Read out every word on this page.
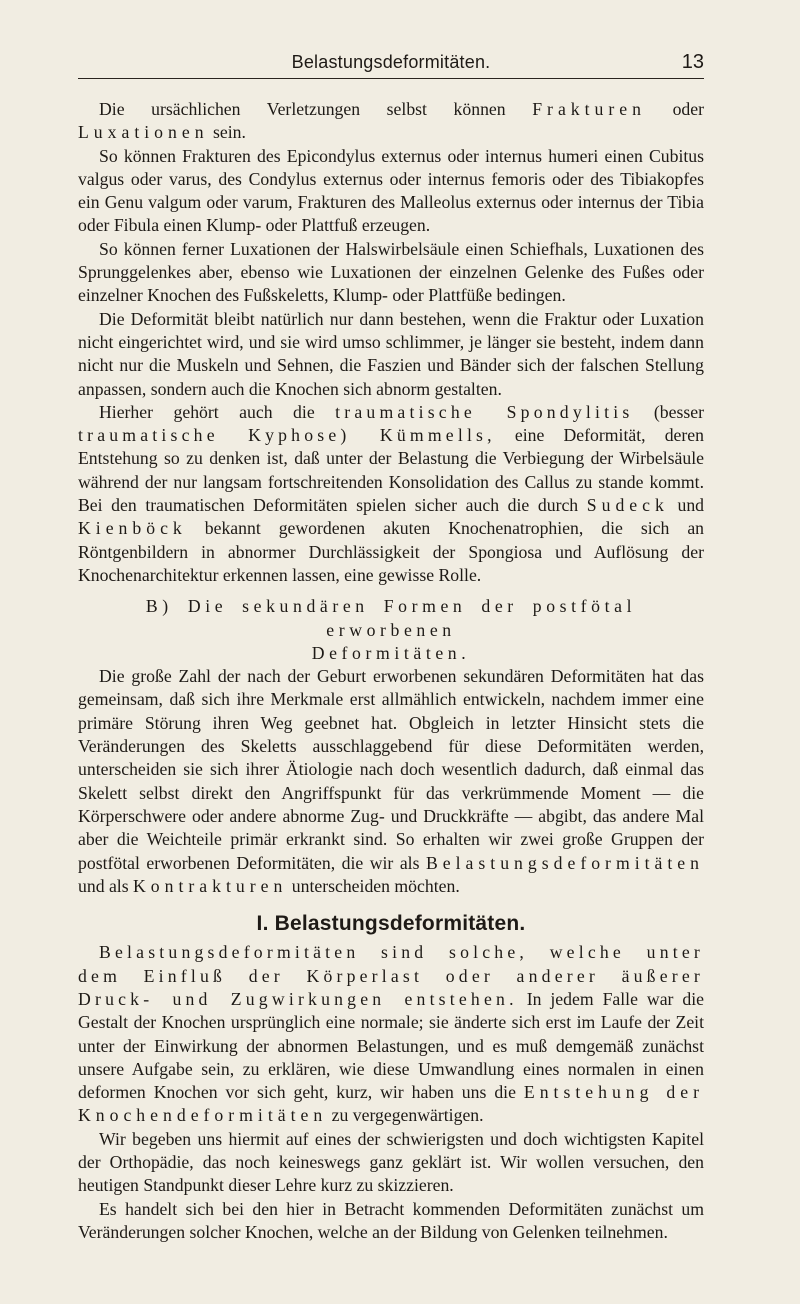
Belastungsdeformitäten.	13

Die ursächlichen Verletzungen selbst können Frakturen oder Luxationen sein.

So können Frakturen des Epicondylus externus oder internus humeri einen Cubitus valgus oder varus, des Condylus externus oder internus femoris oder des Tibiakopfes ein Genu valgum oder varum, Frakturen des Malleolus externus oder internus der Tibia oder Fibula einen Klump- oder Plattfuß erzeugen.

So können ferner Luxationen der Halswirbelsäule einen Schiefhals, Luxationen des Sprunggelenkes aber, ebenso wie Luxationen der einzelnen Gelenke des Fußes oder einzelner Knochen des Fußskeletts, Klump- oder Plattfüße bedingen.

Die Deformität bleibt natürlich nur dann bestehen, wenn die Fraktur oder Luxation nicht eingerichtet wird, und sie wird umso schlimmer, je länger sie besteht, indem dann nicht nur die Muskeln und Sehnen, die Faszien und Bänder sich der falschen Stellung anpassen, sondern auch die Knochen sich abnorm gestalten.

Hierher gehört auch die traumatische Spondylitis (besser traumatische Kyphose) Kümmells, eine Deformität, deren Entstehung so zu denken ist, daß unter der Belastung die Verbiegung der Wirbelsäule während der nur langsam fortschreitenden Konsolidation des Callus zu stande kommt. Bei den traumatischen Deformitäten spielen sicher auch die durch Sudeck und Kienböck bekannt gewordenen akuten Knochenatrophien, die sich an Röntgenbildern in abnormer Durchlässigkeit der Spongiosa und Auflösung der Knochenarchitektur erkennen lassen, eine gewisse Rolle.

B) Die sekundären Formen der postfötal erworbenen

Deformitäten.

Die große Zahl der nach der Geburt erworbenen sekundären Deformitäten hat das gemeinsam, daß sich ihre Merkmale erst allmählich entwickeln, nachdem immer eine primäre Störung ihren Weg geebnet hat. Obgleich in letzter Hinsicht stets die Veränderungen des Skeletts ausschlaggebend für diese Deformitäten werden, unterscheiden sie sich ihrer Ätiologie nach doch wesentlich dadurch, daß einmal das Skelett selbst direkt den Angriffspunkt für das verkrümmende Moment — die Körperschwere oder andere abnorme Zug- und Druckkräfte — abgibt, das andere Mal aber die Weichteile primär erkrankt sind. So erhalten wir zwei große Gruppen der postfötal erworbenen Deformitäten, die wir als Belastungsdeformitäten und als Kontrakturen unterscheiden möchten.

I. Belastungsdeformitäten.

Belastungsdeformitäten sind solche, welche unter dem Einfluß der Körperlast oder anderer äußerer Druck- und Zugwirkungen entstehen. In jedem Falle war die Gestalt der Knochen ursprünglich eine normale; sie änderte sich erst im Laufe der Zeit unter der Einwirkung der abnormen Belastungen, und es muß demgemäß zunächst unsere Aufgabe sein, zu erklären, wie diese Umwandlung eines normalen in einen deformen Knochen vor sich geht, kurz, wir haben uns die Entstehung der Knochendeformitäten zu vergegenwärtigen.

Wir begeben uns hiermit auf eines der schwierigsten und doch wichtigsten Kapitel der Orthopädie, das noch keineswegs ganz geklärt ist. Wir wollen versuchen, den heutigen Standpunkt dieser Lehre kurz zu skizzieren.

Es handelt sich bei den hier in Betracht kommenden Deformitäten zunächst um Veränderungen solcher Knochen, welche an der Bildung von Gelenken teilnehmen.
